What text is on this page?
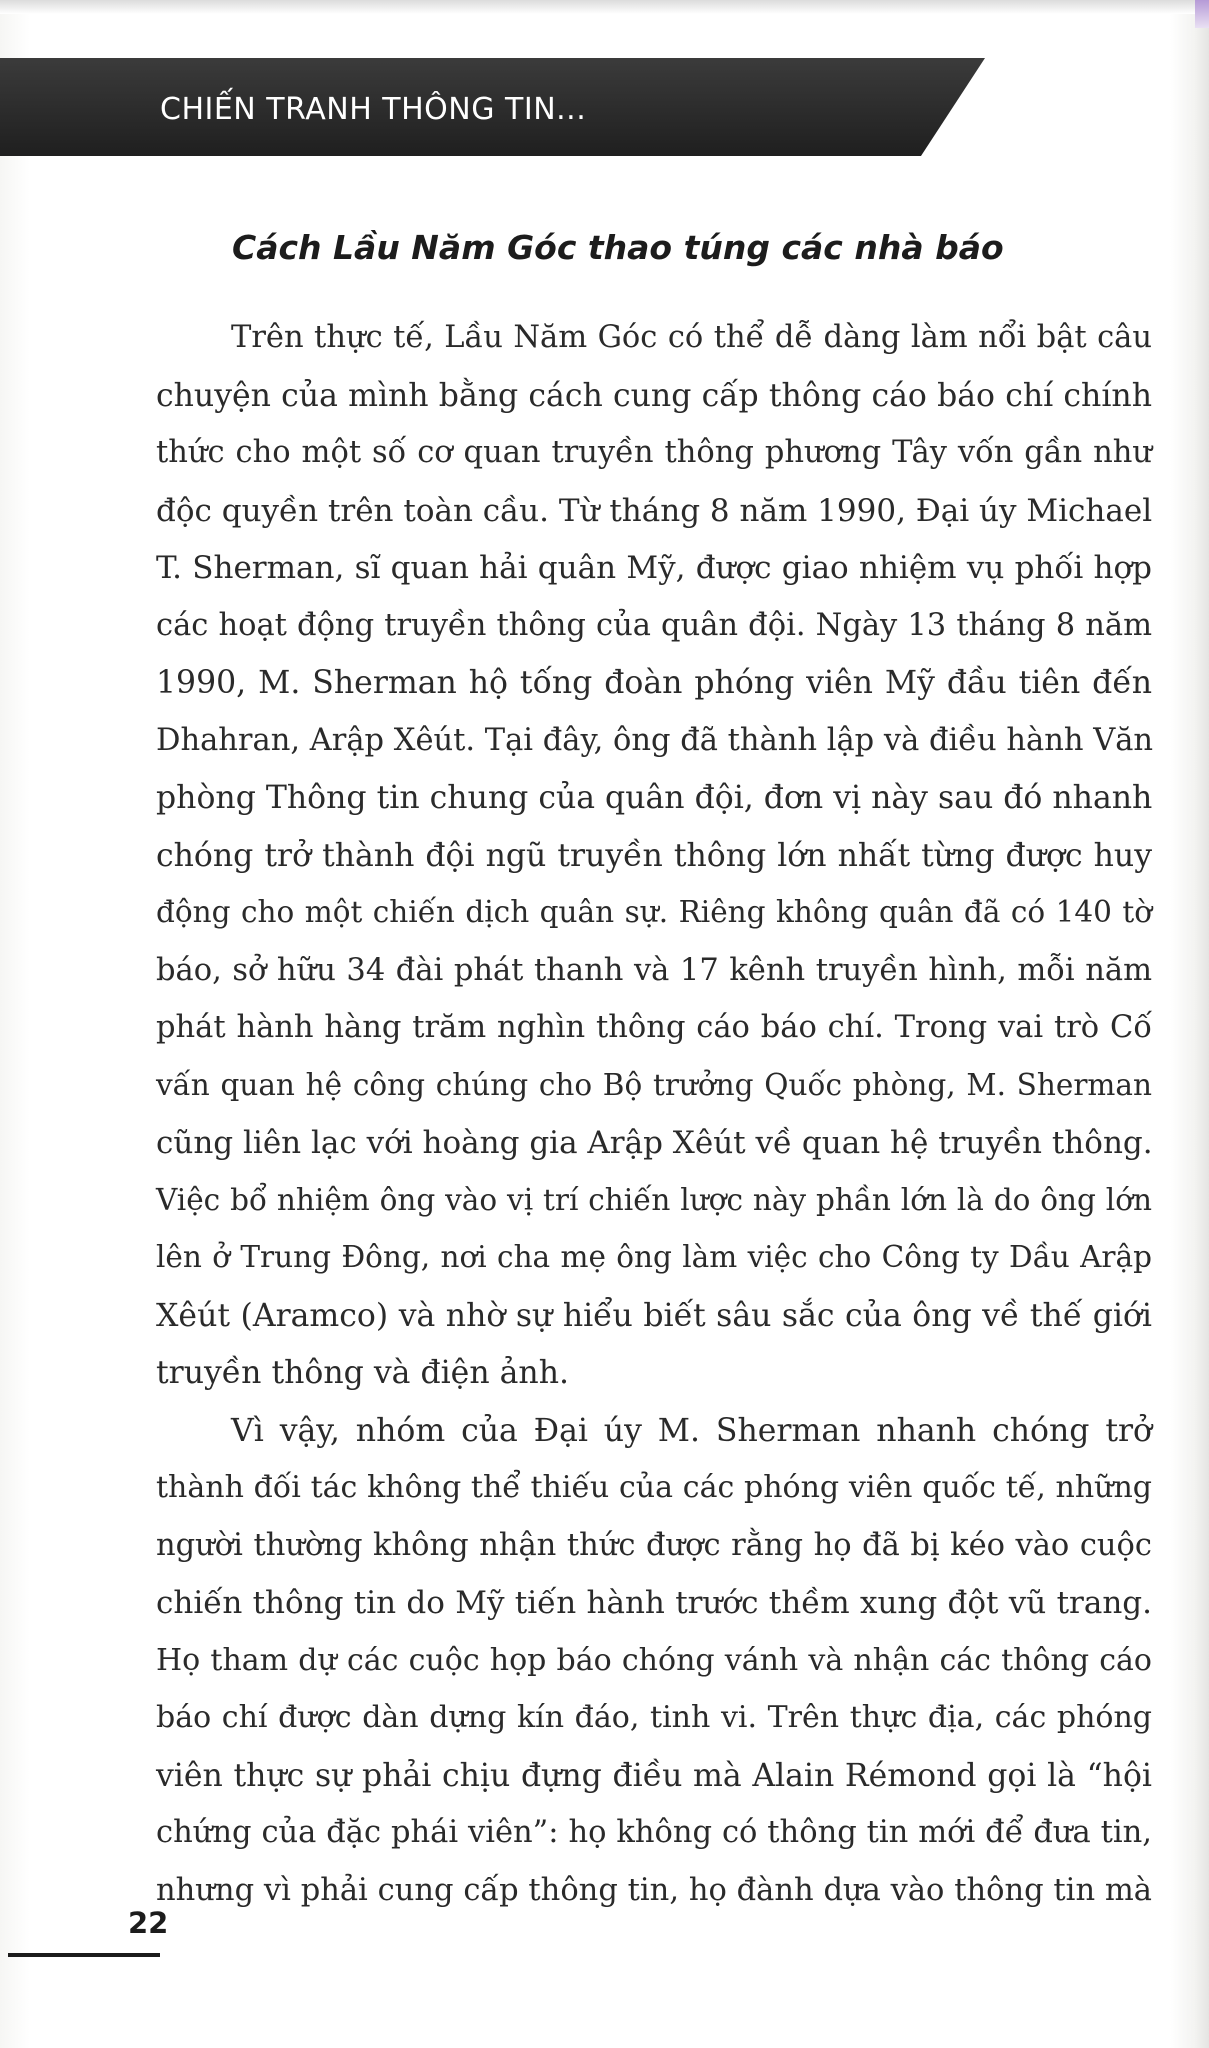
CHIẾN TRANH THÔNG TIN...
Cách Lầu Năm Góc thao túng các nhà báo
Trên thực tế, Lầu Năm Góc có thể dễ dàng làm nổi bật câu
chuyện của mình bằng cách cung cấp thông cáo báo chí chính
thức cho một số cơ quan truyền thông phương Tây vốn gần như
độc quyền trên toàn cầu. Từ tháng 8 năm 1990, Đại úy Michael
T. Sherman, sĩ quan hải quân Mỹ, được giao nhiệm vụ phối hợp
các hoạt động truyền thông của quân đội. Ngày 13 tháng 8 năm
1990, M. Sherman hộ tống đoàn phóng viên Mỹ đầu tiên đến
Dhahran, Arập Xêút. Tại đây, ông đã thành lập và điều hành Văn
phòng Thông tin chung của quân đội, đơn vị này sau đó nhanh
chóng trở thành đội ngũ truyền thông lớn nhất từng được huy
động cho một chiến dịch quân sự. Riêng không quân đã có 140 tờ
báo, sở hữu 34 đài phát thanh và 17 kênh truyền hình, mỗi năm
phát hành hàng trăm nghìn thông cáo báo chí. Trong vai trò Cố
vấn quan hệ công chúng cho Bộ trưởng Quốc phòng, M. Sherman
cũng liên lạc với hoàng gia Arập Xêút về quan hệ truyền thông.
Việc bổ nhiệm ông vào vị trí chiến lược này phần lớn là do ông lớn
lên ở Trung Đông, nơi cha mẹ ông làm việc cho Công ty Dầu Arập
Xêút (Aramco) và nhờ sự hiểu biết sâu sắc của ông về thế giới
truyền thông và điện ảnh.
Vì vậy, nhóm của Đại úy M. Sherman nhanh chóng trở
thành đối tác không thể thiếu của các phóng viên quốc tế, những
người thường không nhận thức được rằng họ đã bị kéo vào cuộc
chiến thông tin do Mỹ tiến hành trước thềm xung đột vũ trang.
Họ tham dự các cuộc họp báo chóng vánh và nhận các thông cáo
báo chí được dàn dựng kín đáo, tinh vi. Trên thực địa, các phóng
viên thực sự phải chịu đựng điều mà Alain Rémond gọi là “hội
chứng của đặc phái viên”: họ không có thông tin mới để đưa tin,
nhưng vì phải cung cấp thông tin, họ đành dựa vào thông tin mà
22
